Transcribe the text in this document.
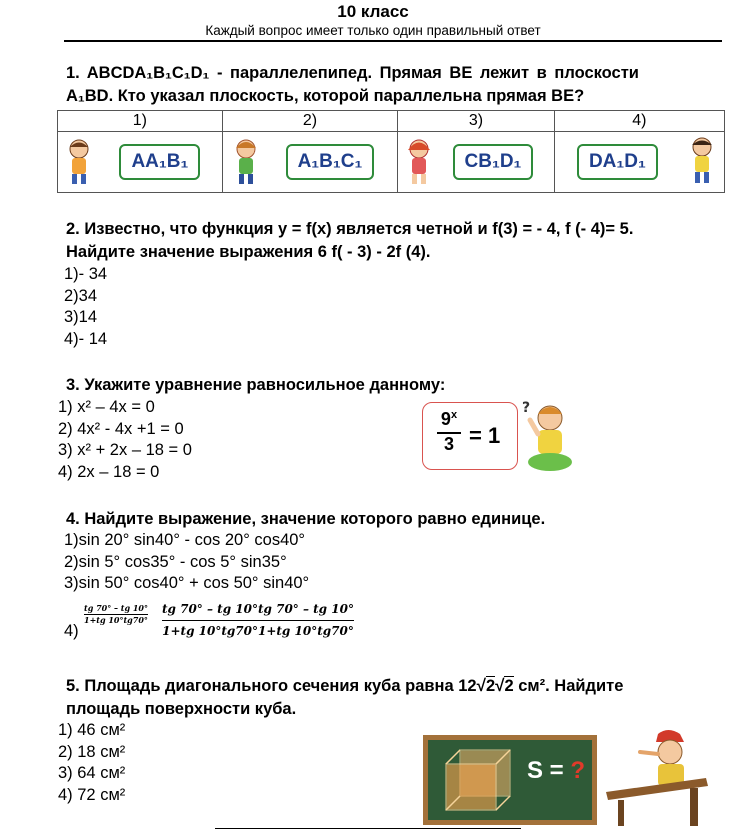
10 класс
Каждый вопрос имеет только один правильный ответ
1. ABCDA₁B₁C₁D₁ - параллелепипед. Прямая BE лежит в плоскости
A₁BD. Кто указал плоскость, которой параллельна прямая BE?
1)	2)	3)	4)

AA₁B₁	A₁B₁C₁	CB₁D₁	DA₁D₁
2. Известно, что функция y = f(x) является четной и f(3) = - 4, f (- 4)= 5.
Найдите значение выражения 6 f( - 3) - 2f (4).
1)- 34
2)34
3)14
4)- 14
3. Укажите уравнение равносильное данному:
1) x² – 4x = 0
2) 4x² - 4x +1 = 0
3) x² + 2x – 18 = 0
4) 2x – 18 = 0
$\frac{9^x}{3} = 1$
?
4. Найдите выражение, значение которого равно единице.
1)sin 20° sin40° - cos 20° cos40°
2)sin 5° cos35° - cos 5° sin35°
3)sin 50° cos40° + cos 50° sin40°
4)
$\frac{tg 70^\circ - tg 10^\circ}{1+tg 10^\circ tg70^\circ} \frac{tg 70^\circ - tg 10^\circ tg 70^\circ - tg 10^\circ}{1+tg 10^\circ tg70^\circ 1+tg 10^\circ tg70^\circ}$
5. Площадь диагонального сечения куба равна 12√2√2 см². Найдите
площадь поверхности куба.
1) 46 см²
2) 18 см²
3) 64 см²
4) 72 см²
S = ?
